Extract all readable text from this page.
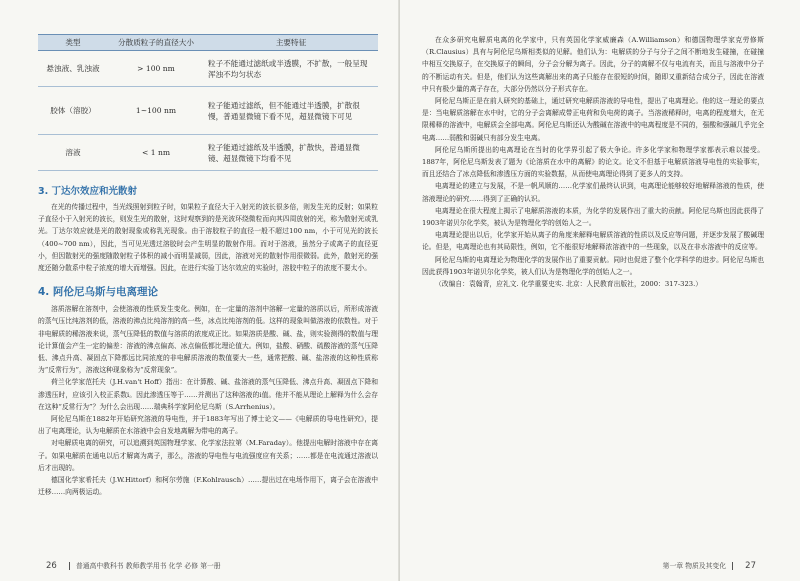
类型	分散质粒子的直径大小	主要特征
悬浊液、乳浊液	> 100 nm	粒子不能通过滤纸或半透膜，不扩散，一般呈现浑浊不均匀状态
胶体（溶胶）	1~100 nm	粒子能通过滤纸，但不能通过半透膜，扩散很慢，普通显微镜下看不见，超显微镜下可见
溶液	< 1 nm	粒子能通过滤纸及半透膜，扩散快，普通显微镜、超显微镜下均看不见
3. 丁达尔效应和光散射

在光的传播过程中，当光线照射到粒子时，如果粒子直径大于入射光的波长很多倍，则发生光的反射；如果粒子直径小于入射光的波长，则发生光的散射，这时观察到的是光波环绕微粒而向其四周放射的光，称为散射光或乳光。丁达尔效应就是光的散射现象或称乳光现象。由于溶胶粒子的直径一般不超过100 nm，小于可见光的波长（400~700 nm），因此，当可见光透过溶胶时会产生明显的散射作用。而对于溶液，虽然分子或离子的直径更小，但因散射光的强度随散射粒子体积的减小而明显减弱，因此，溶液对光的散射作用很微弱。此外，散射光的强度还随分散系中粒子浓度的增大而增强。因此，在进行实验丁达尔效应的实验时，溶胶中粒子的浓度不要太小。

4. 阿伦尼乌斯与电离理论

溶质溶解在溶剂中，会使溶液的性质发生变化。例如，在一定量的溶剂中溶解一定量的溶质以后，所形成溶液的蒸气压比纯溶剂的低，溶液的沸点比纯溶剂的高一些，冰点比纯溶剂的低。这样的现象叫做溶液的依数性。对于非电解质的稀溶液来说，蒸气压降低的数值与溶质的浓度成正比。如果溶质是酸、碱、盐，则实验测得的数值与理论计算值会产生一定的偏差：溶液的沸点偏高、冰点偏低都比理论值大。例如，盐酸、硝酸、硫酸溶液的蒸气压降低、沸点升高、凝固点下降都远比同浓度的非电解质溶液的数值要大一些，通常把酸、碱、盐溶液的这种性质称为“反常行为”，溶液这种现象称为“反常现象”。

荷兰化学家范托夫（J.H.van't Hoff）指出：在计算酸、碱、盐溶液的蒸气压降低、沸点升高、凝固点下降和渗透压时，应该引入校正系数i。因此渗透压等于……并测出了这种溶液的i值。他并不能从理论上解释为什么会存在这种“反常行为”？为什么会出现……瑞典科学家阿伦尼乌斯（S.Arrhenius）。

阿伦尼乌斯在1882年开始研究溶液的导电性，并于1883年写出了博士论文——《电解质的导电性研究》，提出了电离理论，认为电解质在水溶液中会自发地离解为带电的离子。

对电解质电离的研究，可以追溯到英国物理学家、化学家法拉第（M.Faraday）。他提出电解时溶液中存在离子。如果电解质在通电以后才解离为离子，那么，溶液的导电性与电流强度应有关系；……都是在电流通过溶液以后才出现的。

德国化学家希托夫（J.W.Hittorf）和柯尔劳施（F.Kohlrausch）……提出过在电场作用下，离子会在溶液中迁移……向两极运动。

26	普通高中教科书 教师教学用书 化学 必修 第一册

在众多研究电解质电离的化学家中，只有英国化学家威廉森（A.Williamson）和德国物理学家克劳修斯（R.Clausius）具有与阿伦尼乌斯相类似的见解。他们认为：电解质的分子与分子之间不断地发生碰撞，在碰撞中相互交换原子，在交换原子的瞬间，分子会分解为离子。因此，分子的离解不仅与电流有关，而且与溶液中分子的不断运动有关。但是，他们认为这些离解出来的离子只能存在很短的时间，随即又重新结合成分子，因此在溶液中只有极少量的离子存在，大部分仍然以分子形式存在。

阿伦尼乌斯正是在前人研究的基础上，通过研究电解质溶液的导电性，提出了电离理论。他的这一理论的要点是：当电解质溶解在水中时，它的分子会离解成带正电荷和负电荷的离子。当溶液稀释时，电离的程度增大，在无限稀释的溶液中，电解质会全部电离。阿伦尼乌斯还认为酸碱在溶液中的电离程度是不同的，强酸和强碱几乎完全电离……弱酸和弱碱只有部分发生电离。

阿伦尼乌斯所提出的电离理论在当时的化学界引起了极大争论。许多化学家和物理学家都表示难以接受。1887年，阿伦尼乌斯发表了题为《论溶质在水中的离解》的论文。论文不但基于电解质溶液导电性的实验事实，而且还结合了冰点降低和渗透压方面的实验数据，从而使电离理论得到了更多人的支持。

电离理论的建立与发展，不是一帆风顺的……化学家们最终认识到，电离理论能够较好地解释溶液的性质，使溶液理论的研究……得到了正确的认识。

电离理论在很大程度上揭示了电解质溶液的本质，为化学的发展作出了重大的贡献。阿伦尼乌斯也因此获得了1903年诺贝尔化学奖，被认为是物理化学的创始人之一。

电离理论提出以后，化学家开始从离子的角度来解释电解质溶液的性质以及反应等问题，并逐步发展了酸碱理论。但是，电离理论也有其局限性，例如，它不能很好地解释浓溶液中的一些现象，以及在非水溶液中的反应等。

阿伦尼乌斯的电离理论为物理化学的发展作出了重要贡献。同时也促进了整个化学科学的进步。阿伦尼乌斯也因此获得1903年诺贝尔化学奖，被人们认为是物理化学的创始人之一。

（改编自：袁翰青，应礼文. 化学重要史实. 北京：人民教育出版社，2000：317-323.）

第一章 物质及其变化 27
